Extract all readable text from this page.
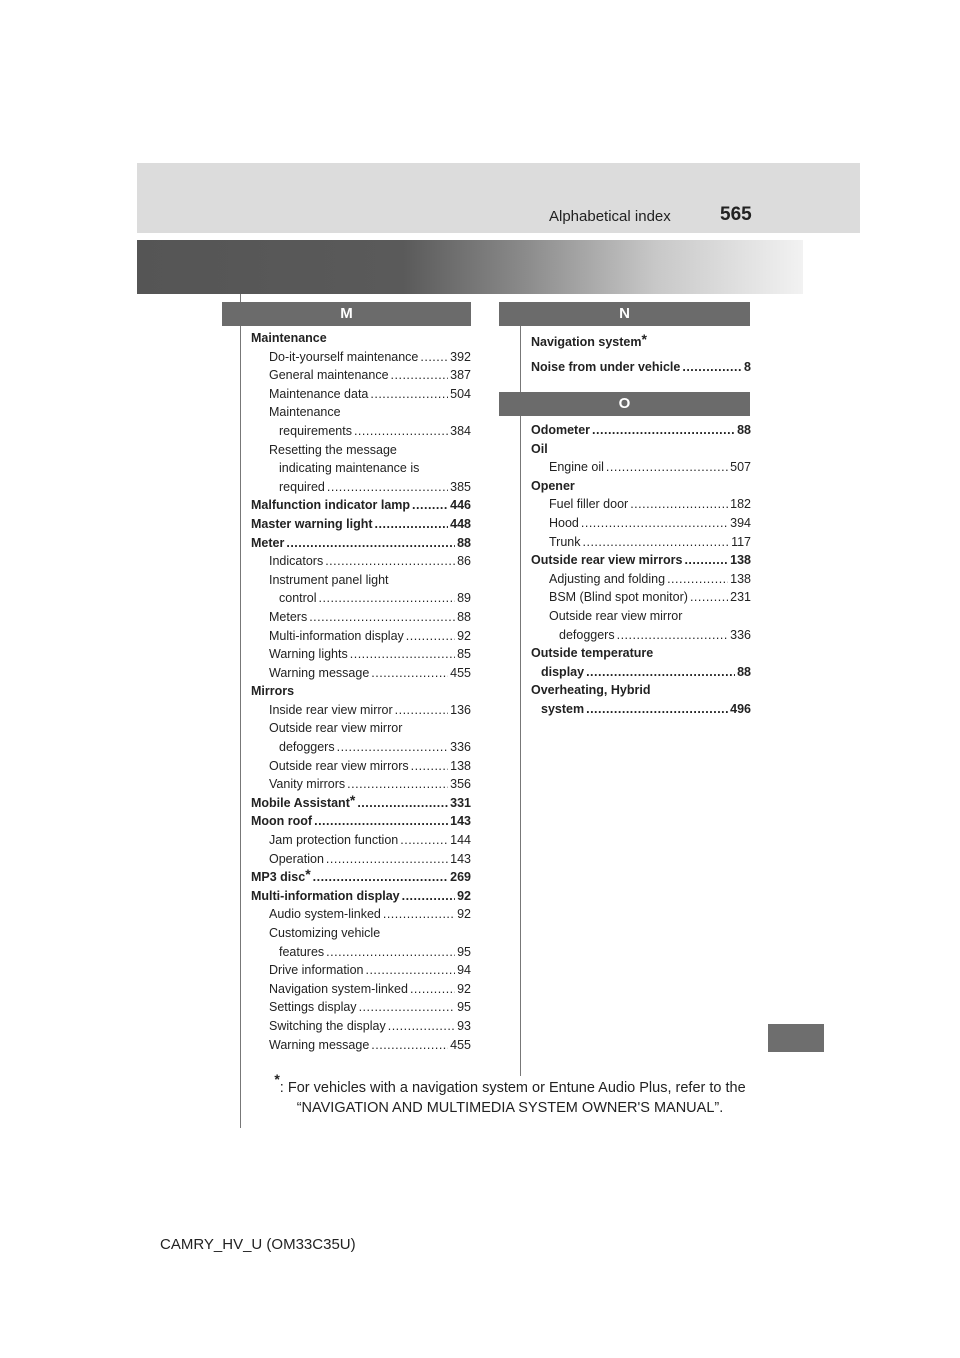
Alphabetical index	565
M	N
O
Maintenance
Do-it-yourself maintenance .....	392
General maintenance .....	387
Maintenance data .....	504
Maintenance
requirements .....	384
Resetting the message
indicating maintenance is
required .....	385
Malfunction indicator lamp .....	446
Master warning light .....	448
Meter .....	88
Indicators .....	86
Instrument panel light
control .....	89
Meters .....	88
Multi-information display .....	92
Warning lights .....	85
Warning message .....	455
Mirrors
Inside rear view mirror .....	136
Outside rear view mirror
defoggers .....	336
Outside rear view mirrors .....	138
Vanity mirrors .....	356
Mobile Assistant* .....	331
Moon roof .....	143
Jam protection function .....	144
Operation .....	143
MP3 disc* .....	269
Multi-information display .....	92
Audio system-linked .....	92
Customizing vehicle
features .....	95
Drive information .....	94
Navigation system-linked .....	92
Settings display .....	95
Switching the display .....	93
Warning message .....	455
Navigation system*
Noise from under vehicle .....	8
Odometer .....	88
Oil
Engine oil .....	507
Opener
Fuel filler door .....	182
Hood .....	394
Trunk .....	117
Outside rear view mirrors .....	138
Adjusting and folding .....	138
BSM (Blind spot monitor) .....	231
Outside rear view mirror
defoggers .....	336
Outside temperature
display .....	88
Overheating, Hybrid
system .....	496
*: For vehicles with a navigation system or Entune Audio Plus, refer to the “NAVIGATION AND MULTIMEDIA SYSTEM OWNER'S MANUAL”.
CAMRY_HV_U (OM33C35U)
